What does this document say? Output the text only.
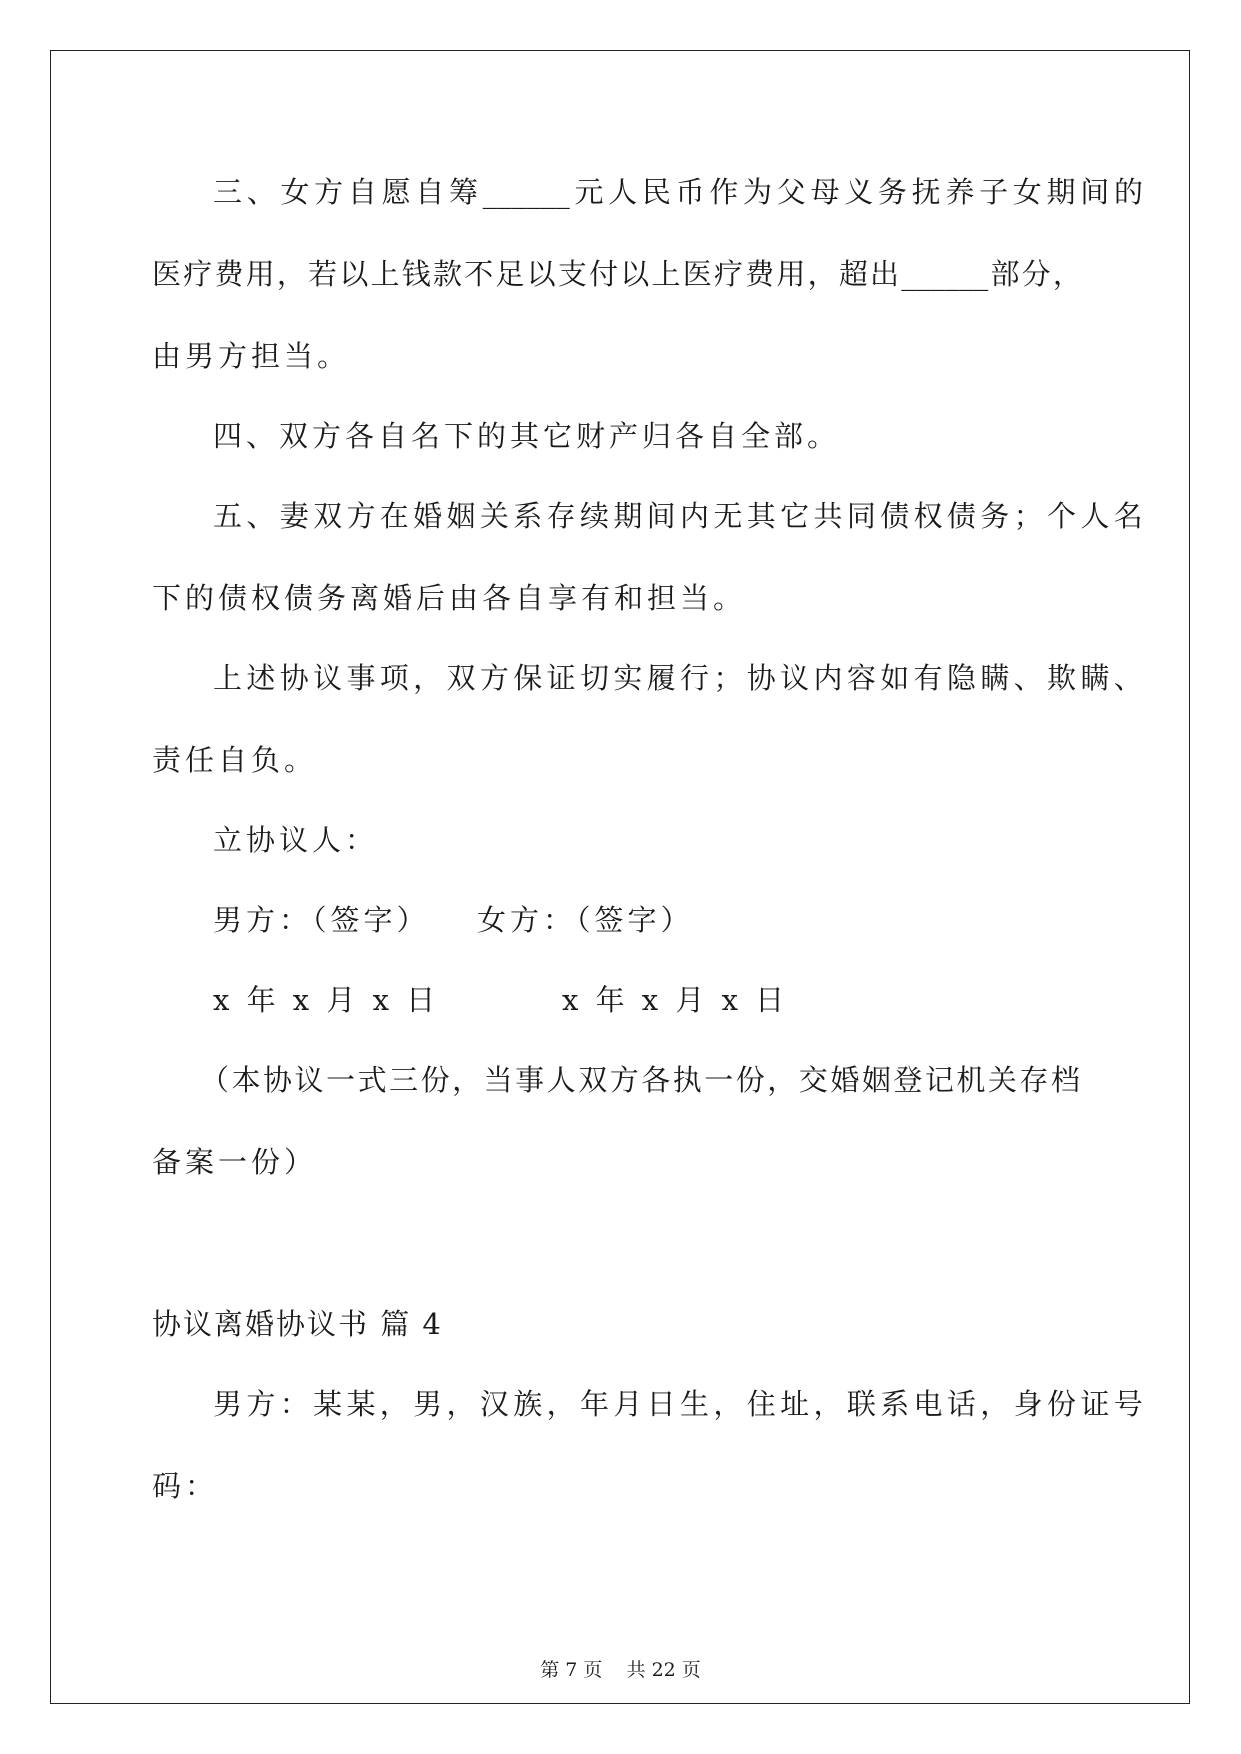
三 、 女 方 自 愿 自 筹 ______ 元 人 民 币 作 为 父 母 义 务 抚 养 子 女 期 间 的
医 疗 费 用 ， 若 以 上 钱 款 不 足 以 支 付 以 上 医 疗 费 用 ， 超 出 ______ 部 分 ，
由男方担当。
四、双方各自名下的其它财产归各自全部。
五 、 妻 双 方 在 婚 姻 关 系 存 续 期 间 内 无 其 它 共 同 债 权 债 务 ； 个 人 名
下的债权债务离婚后由各自享有和担当。
上 述 协 议 事 项 ， 双 方 保 证 切 实 履 行 ； 协 议 内 容 如 有 隐 瞒 、 欺 瞒 、
责任自负。
立协议人：
男方：（签字） 女方：（签字）
x 年 x 月 x 日	x 年 x 月 x 日
（ 本 协 议 一 式 三 份 ， 当 事 人 双 方 各 执 一 份 ， 交 婚 姻 登 记 机 关 存 档
备案一份）
协议离婚协议书 篇 4
男 方 ： 某 某 ， 男 ， 汉 族 ， 年 月 日 生 ， 住 址 ， 联 系 电 话 ， 身 份 证 号
码：
第 7 页    共 22 页
